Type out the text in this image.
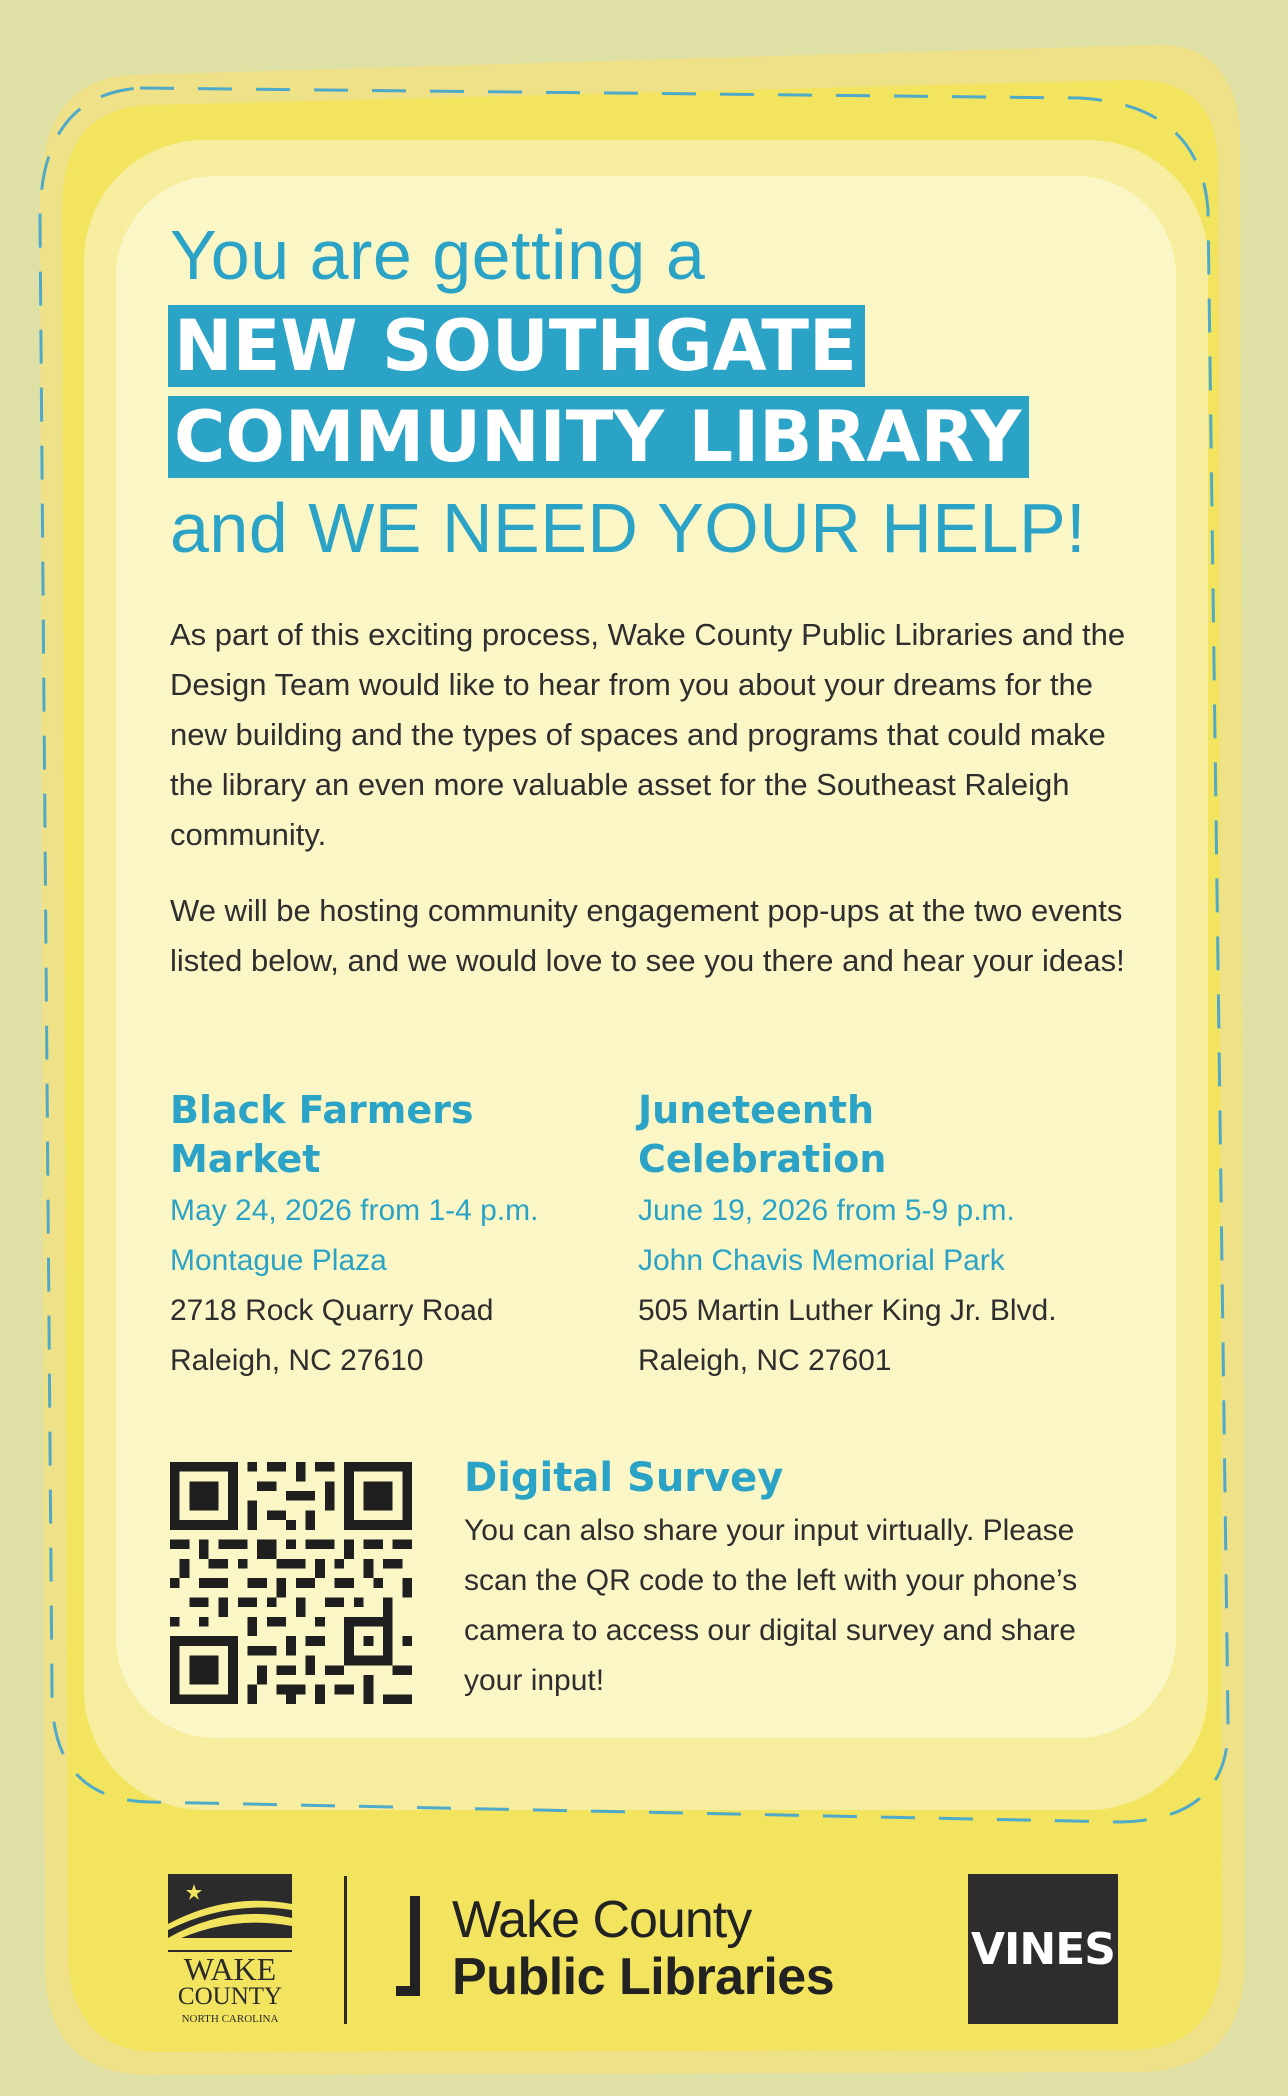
You are getting a
NEW SOUTHGATE
COMMUNITY LIBRARY
and WE NEED YOUR HELP!

As part of this exciting process, Wake County Public Libraries and the Design Team would like to hear from you about your dreams for the new building and the types of spaces and programs that could make the library an even more valuable asset for the Southeast Raleigh community.

We will be hosting community engagement pop-ups at the two events listed below, and we would love to see you there and hear your ideas!

Black Farmers Market
May 24, 2026 from 1-4 p.m.
Montague Plaza
2718 Rock Quarry Road
Raleigh, NC 27610
Juneteenth Celebration
June 19, 2026 from 5-9 p.m.
John Chavis Memorial Park
505 Martin Luther King Jr. Blvd.
Raleigh, NC 27601
Digital Survey

You can also share your input virtually. Please scan the QR code to the left with your phone’s camera to access our digital survey and share your input!

WAKE
COUNTY
NORTH CAROLINA
Wake County
Public Libraries	VINES
